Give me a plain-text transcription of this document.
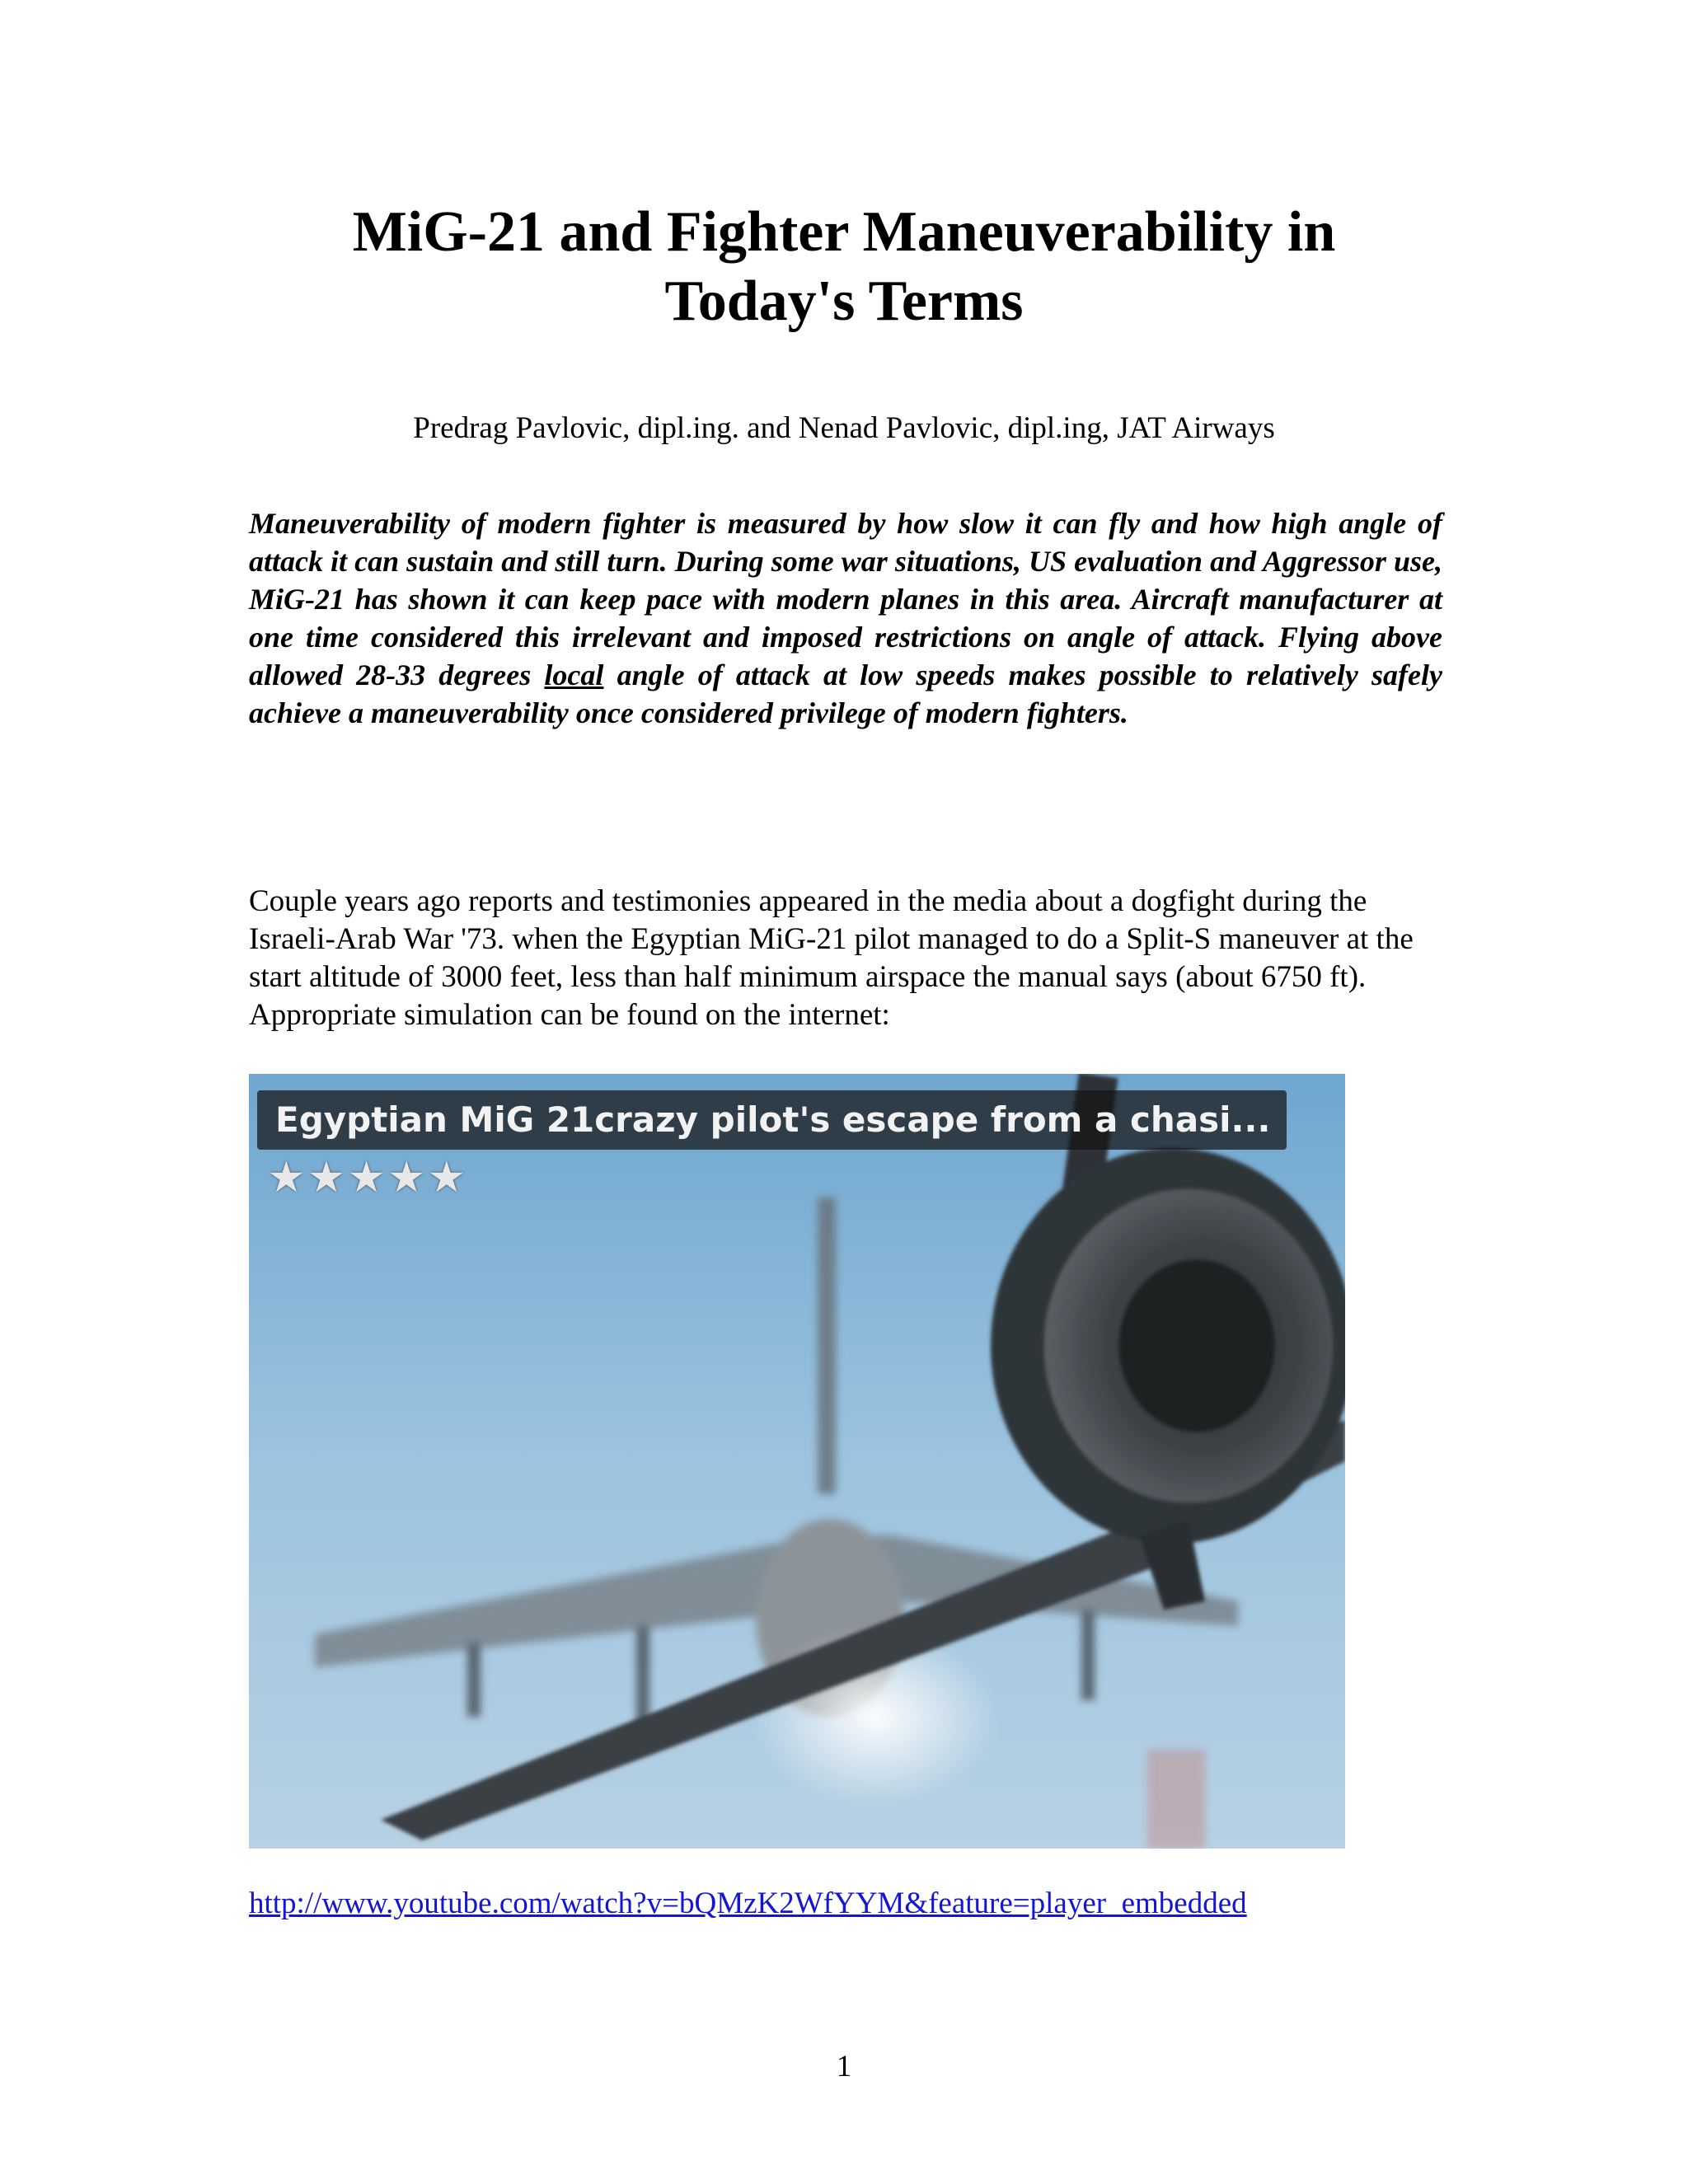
MiG-21 and Fighter Maneuverability in
Today's Terms
Predrag Pavlovic, dipl.ing. and Nenad Pavlovic, dipl.ing, JAT Airways

Maneuverability of modern fighter is measured by how slow it can fly and how high angle of attack it can sustain and still turn. During some war situations, US evaluation and Aggressor use, MiG-21 has shown it can keep pace with modern planes in this area. Aircraft manufacturer at one time considered this irrelevant and imposed restrictions on angle of attack. Flying above allowed 28-33 degrees local angle of attack at low speeds makes possible to relatively safely achieve a maneuverability once considered privilege of modern fighters.

Couple years ago reports and testimonies appeared in the media about a dogfight during the Israeli-Arab War '73. when the Egyptian MiG-21 pilot managed to do a Split-S maneuver at the start altitude of 3000 feet, less than half minimum airspace the manual says (about 6750 ft). Appropriate simulation can be found on the internet:

Egyptian MiG 21crazy pilot's escape from a chasi...
★★★★★
http://www.youtube.com/watch?v=bQMzK2WfYYM&feature=player_embedded
1
